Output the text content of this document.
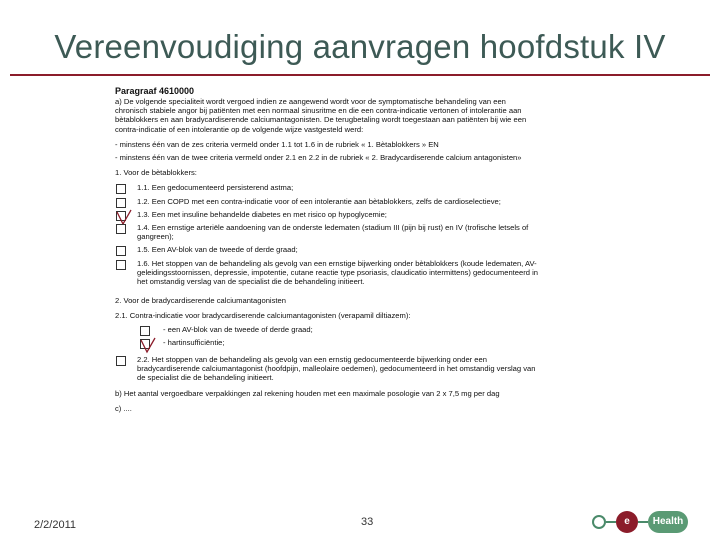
Vereenvoudiging aanvragen hoofdstuk IV

Paragraaf 4610000

a) De volgende specialiteit wordt vergoed indien ze aangewend wordt voor de symptomatische behandeling van een chronisch stabiele angor bij patiënten met een normaal sinusritme en die een contra-indicatie vertonen of intolerantie aan bètablokkers en aan bradycardiserende calciumantagonisten. De terugbetaling wordt toegestaan aan patiënten bij wie een contra-indicatie of een intolerantie op de volgende wijze vastgesteld werd:

- minstens één van de zes criteria vermeld onder 1.1 tot 1.6 in de rubriek « 1. Bètablokkers » EN

- minstens één van de twee criteria vermeld onder 2.1 en 2.2 in de rubriek « 2. Bradycardiserende calcium antagonisten»

1. Voor de bètablokkers:

1.1. Een gedocumenteerd persisterend astma;
1.2. Een COPD met een contra-indicatie voor of een intolerantie aan bètablokkers, zelfs de cardioselectieve;
1.3. Een met insuline behandelde diabetes en met risico op hypoglycemie;
1.4. Een ernstige arteriële aandoening van de onderste ledematen (stadium III (pijn bij rust) en IV (trofische letsels of gangreen);
1.5. Een AV-blok van de tweede of derde graad;
1.6. Het stoppen van de behandeling als gevolg van een ernstige bijwerking onder bètablokkers (koude ledematen, AV-geleidingsstoornissen, depressie, impotentie, cutane reactie type psoriasis, claudicatio intermittens) gedocumenteerd in het omstandig verslag van de specialist die de behandeling initieert.

2. Voor de bradycardiserende calciumantagonisten

2.1. Contra-indicatie voor bradycardiserende calciumantagonisten (verapamil diltiazem):

- een AV-blok van de tweede of derde graad;
- hartinsufficiëntie;
2.2. Het stoppen van de behandeling als gevolg van een ernstig gedocumenteerde bijwerking onder een bradycardiserende calciumantagonist (hoofdpijn, malleolaire oedemen), gedocumenteerd in het omstandig verslag van de specialist die de behandeling initieert.

b) Het aantal vergoedbare verpakkingen zal rekening houden met een maximale posologie van 2 x 7,5 mg per dag

c) ....

2/2/2011	33	e	Health
